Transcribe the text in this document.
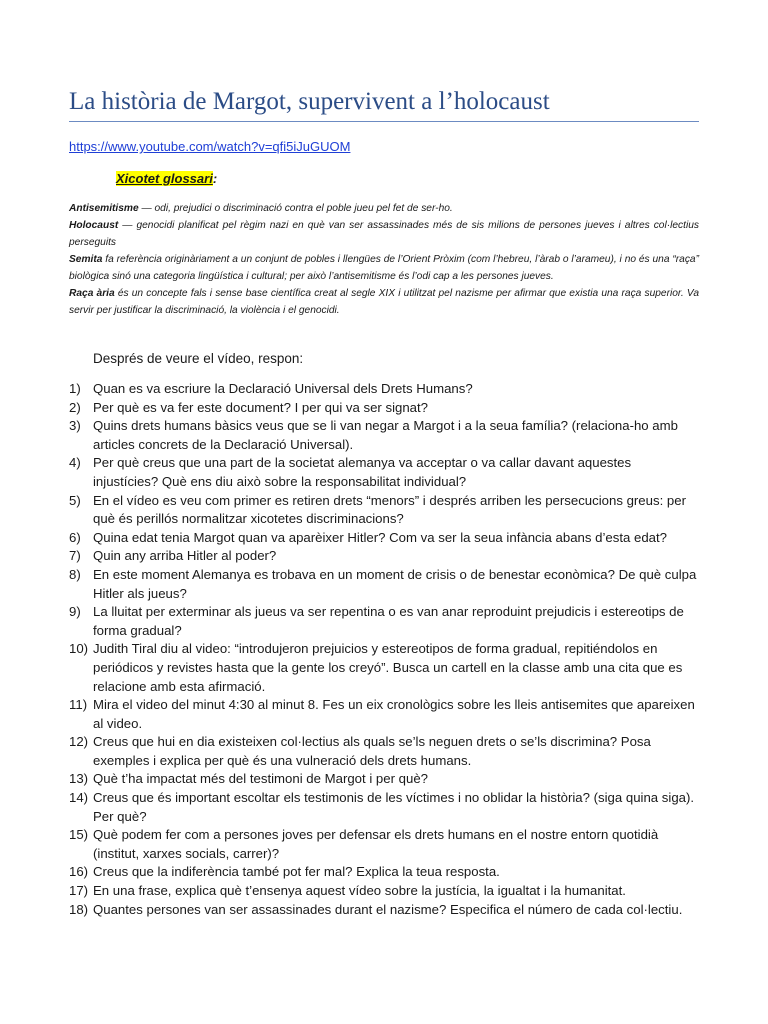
La història de Margot, supervivent a l’holocaust
https://www.youtube.com/watch?v=qfi5iJuGUOM
Xicotet glossari:

Antisemitisme — odi, prejudici o discriminació contra el poble jueu pel fet de ser-ho.

Holocaust — genocidi planificat pel règim nazi en què van ser assassinades més de sis milions de persones jueves i altres col·lectius perseguits

Semita fa referència originàriament a un conjunt de pobles i llengües de l’Orient Pròxim (com l’hebreu, l’àrab o l’arameu), i no és una “raça” biològica sinó una categoria lingüística i cultural; per això l’antisemitisme és l’odi cap a les persones jueves.

Raça ària és un concepte fals i sense base científica creat al segle XIX i utilitzat pel nazisme per afirmar que existia una raça superior. Va servir per justificar la discriminació, la violència i el genocidi.

Després de veure el vídeo, respon:
1) Quan es va escriure la Declaració Universal dels Drets Humans?
2) Per què es va fer este document? I per qui va ser signat?
3) Quins drets humans bàsics veus que se li van negar a Margot i a la seua família? (relaciona-ho amb articles concrets de la Declaració Universal).
4) Per què creus que una part de la societat alemanya va acceptar o va callar davant aquestes injustícies? Què ens diu això sobre la responsabilitat individual?
5) En el vídeo es veu com primer es retiren drets “menors” i després arriben les persecucions greus: per què és perillós normalitzar xicotetes discriminacions?
6) Quina edat tenia Margot quan va aparèixer Hitler? Com va ser la seua infància abans d’esta edat?
7) Quin any arriba Hitler al poder?
8) En este moment Alemanya es trobava en un moment de crisis o de benestar econòmica? De què culpa Hitler als jueus?
9) La lluitat per exterminar als jueus va ser repentina o es van anar reproduint prejudicis i estereotips de forma gradual?
10) Judith Tiral diu al video: “introdujeron prejuicios y estereotipos de forma gradual, repitiéndolos en periódicos y revistes hasta que la gente los creyó”. Busca un cartell en la classe amb una cita que es relacione amb esta afirmació.
11) Mira el video del minut 4:30 al minut 8. Fes un eix cronològics sobre les lleis antisemites que apareixen al video.
12) Creus que hui en dia existeixen col·lectius als quals se’ls neguen drets o se’ls discrimina? Posa exemples i explica per què és una vulneració dels drets humans.
13) Què t’ha impactat més del testimoni de Margot i per què?
14) Creus que és important escoltar els testimonis de les víctimes i no oblidar la història? (siga quina siga). Per què?
15) Què podem fer com a persones joves per defensar els drets humans en el nostre entorn quotidià (institut, xarxes socials, carrer)?
16) Creus que la indiferència també pot fer mal? Explica la teua resposta.
17) En una frase, explica què t’ensenya aquest vídeo sobre la justícia, la igualtat i la humanitat.
18) Quantes persones van ser assassinades durant el nazisme? Especifica el número de cada col·lectiu.
